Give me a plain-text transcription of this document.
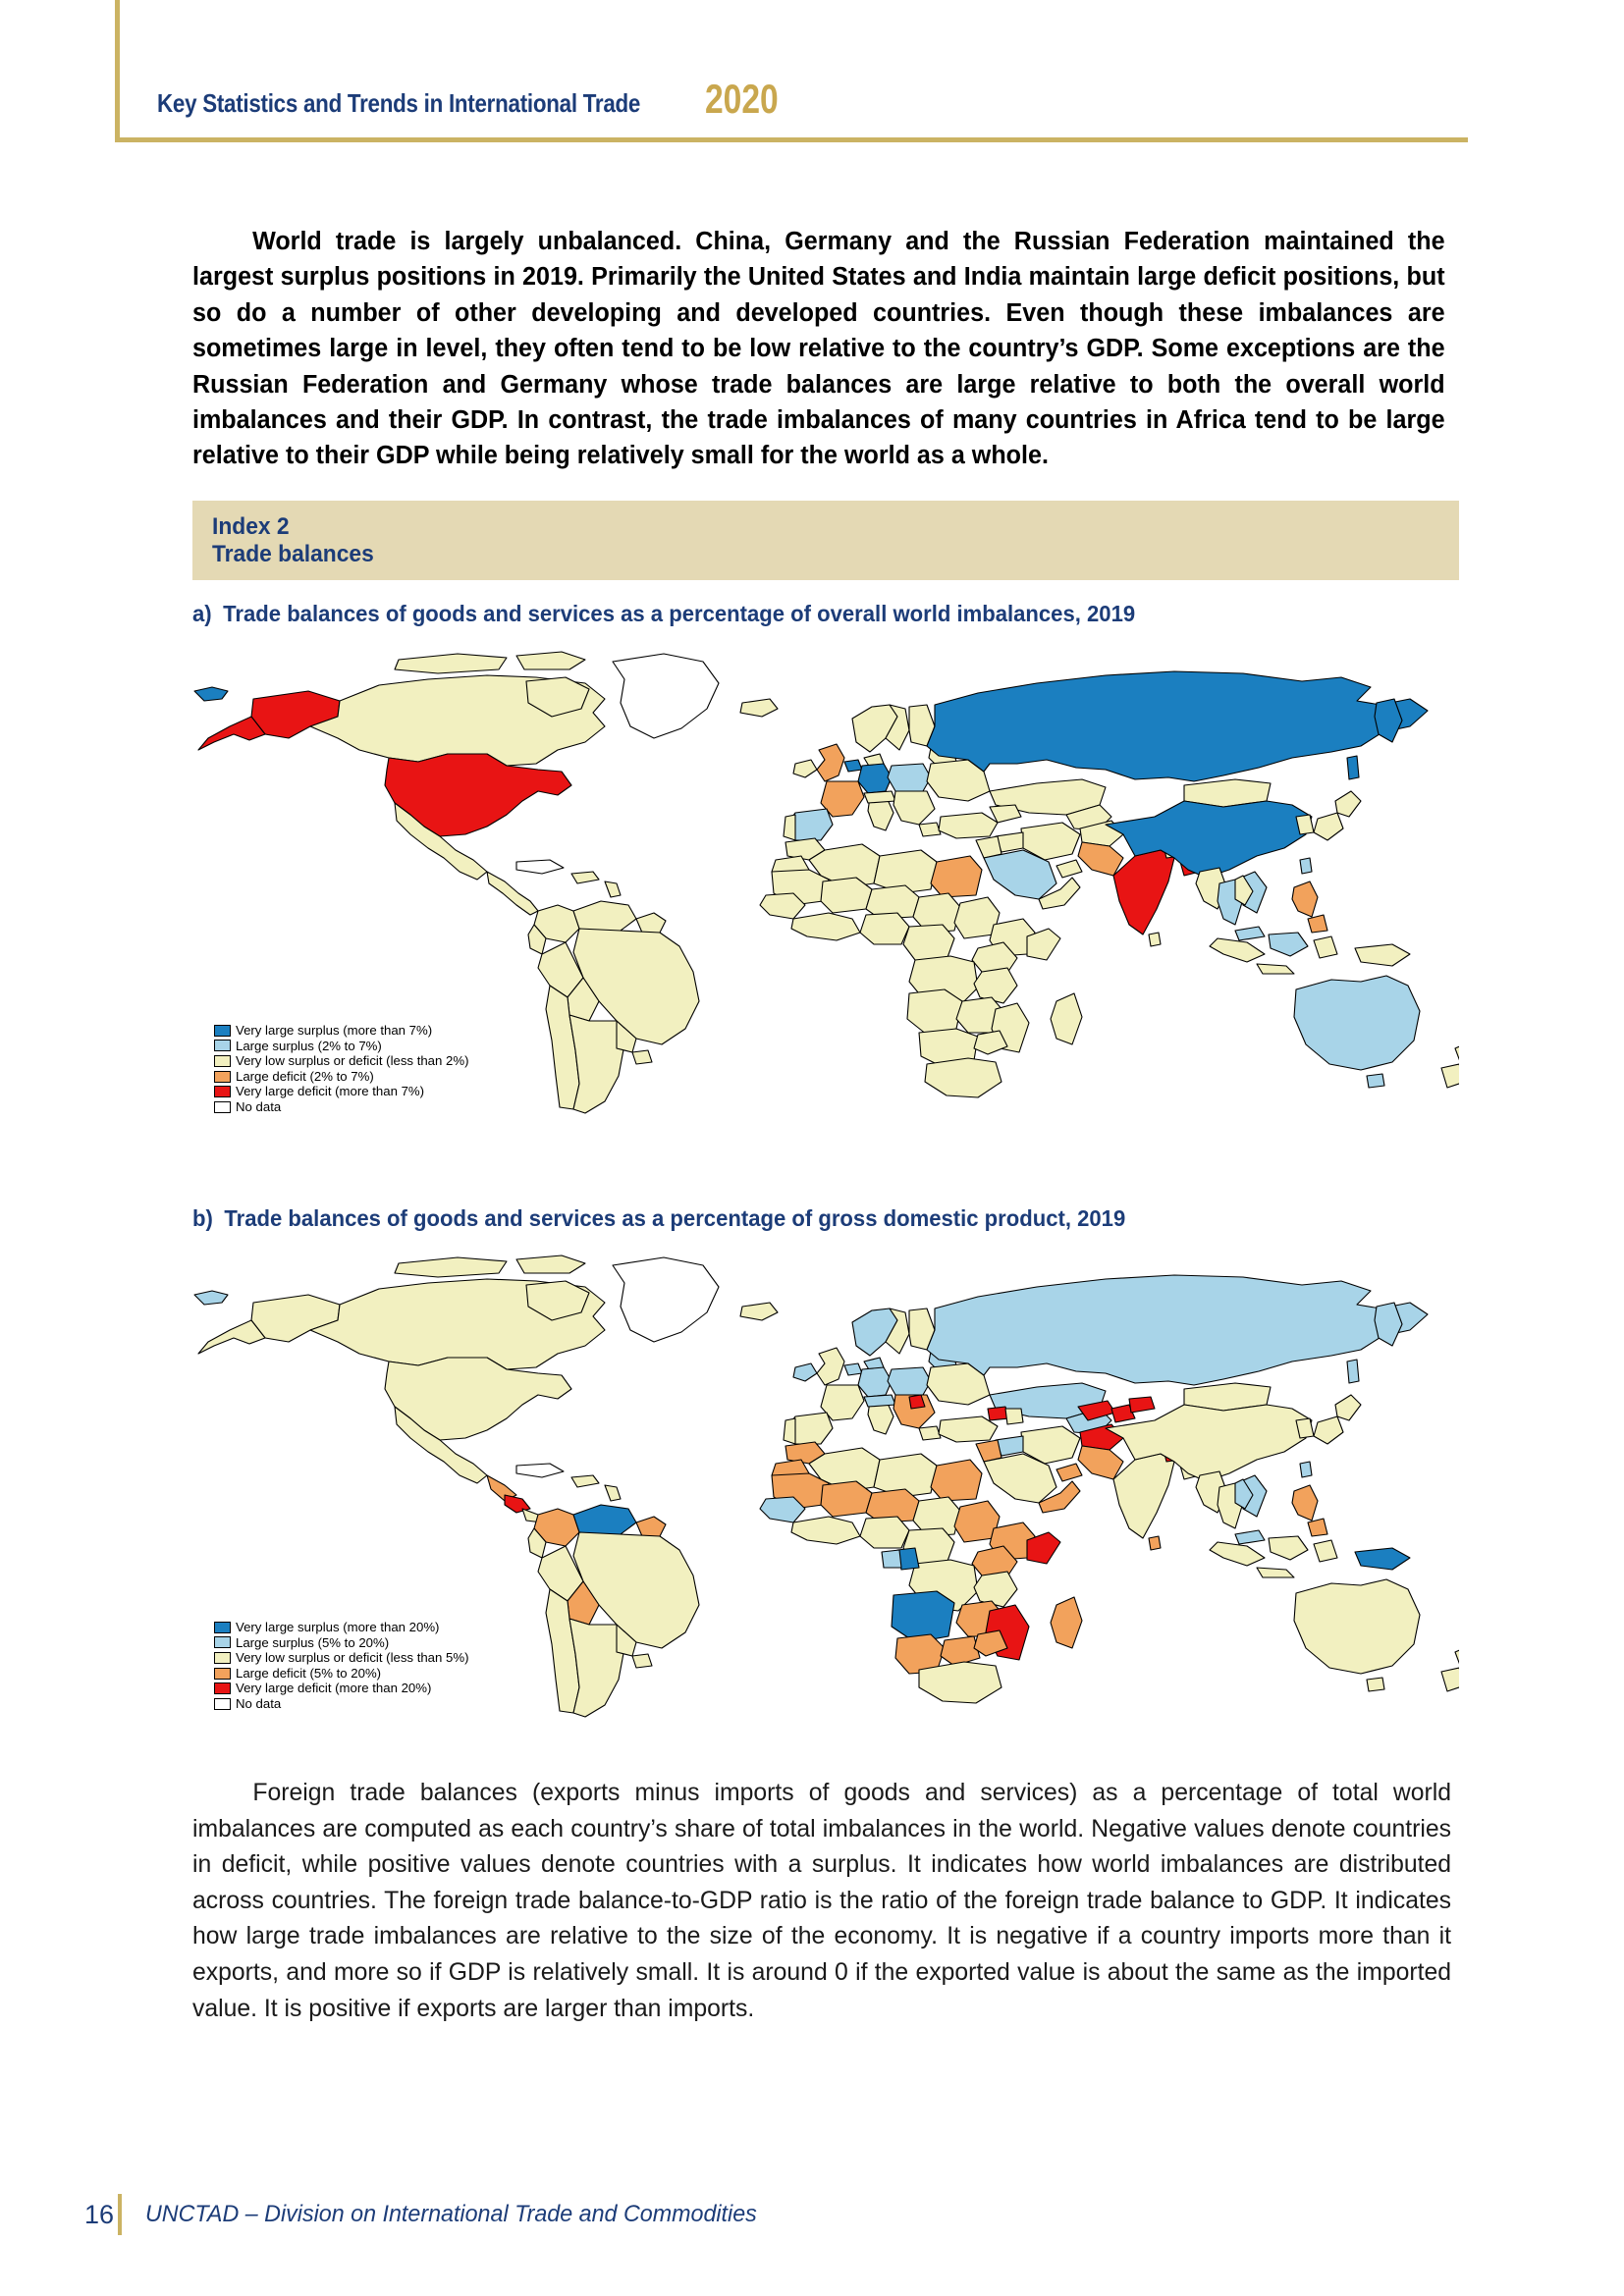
Key Statistics and Trends in International Trade 2020
World trade is largely unbalanced. China, Germany and the Russian Federation maintained the largest surplus positions in 2019. Primarily the United States and India maintain large deficit positions, but so do a number of other developing and developed countries. Even though these imbalances are sometimes large in level, they often tend to be low relative to the country’s GDP. Some exceptions are the Russian Federation and Germany whose trade balances are large relative to both the overall world imbalances and their GDP. In contrast, the trade imbalances of many countries in Africa tend to be large relative to their GDP while being relatively small for the world as a whole.
Index 2
Trade balances
a) Trade balances of goods and services as a percentage of overall world imbalances, 2019
Very large surplus (more than 7%)
Large surplus (2% to 7%)
Very low surplus or deficit (less than 2%)
Large deficit (2% to 7%)
Very large deficit (more than 7%)
No data
b) Trade balances of goods and services as a percentage of gross domestic product, 2019
Very large surplus (more than 20%)
Large surplus (5% to 20%)
Very low surplus or deficit (less than 5%)
Large deficit (5% to 20%)
Very large deficit (more than 20%)
No data
Foreign trade balances (exports minus imports of goods and services) as a percentage of total world imbalances are computed as each country’s share of total imbalances in the world. Negative values denote countries in deficit, while positive values denote countries with a surplus. It indicates how world imbalances are distributed across countries. The foreign trade balance-to-GDP ratio is the ratio of the foreign trade balance to GDP. It indicates how large trade imbalances are relative to the size of the economy. It is negative if a country imports more than it exports, and more so if GDP is relatively small. It is around 0 if the exported value is about the same as the imported value. It is positive if exports are larger than imports.
16 UNCTAD – Division on International Trade and Commodities
